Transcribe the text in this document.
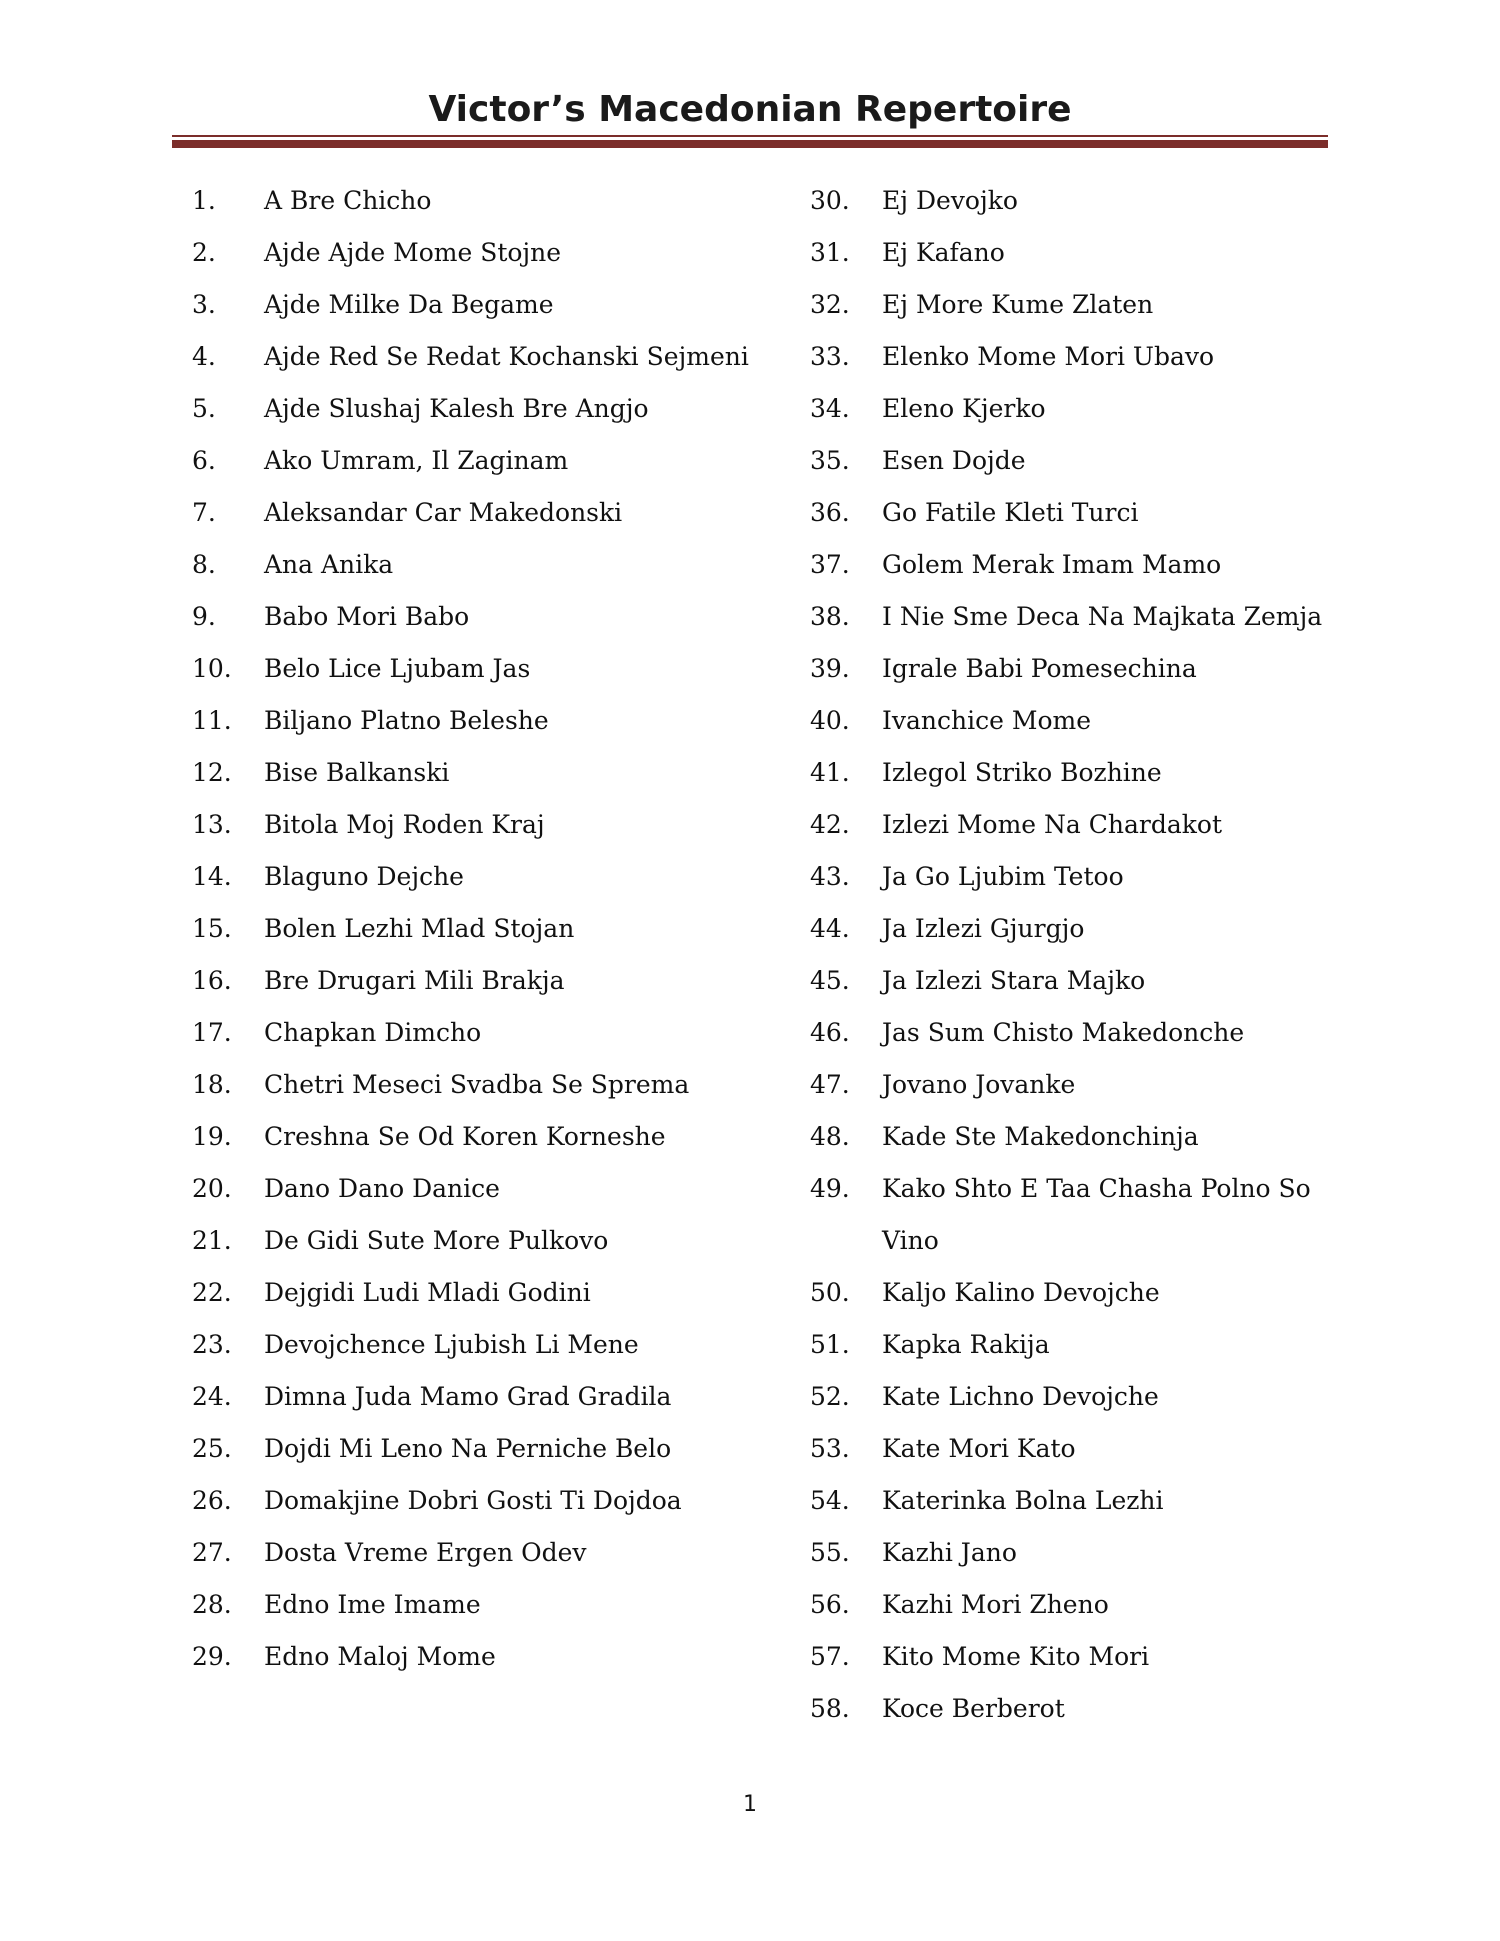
Victor’s Macedonian Repertoire
1.	A Bre Chicho
2.	Ajde Ajde Mome Stojne
3.	Ajde Milke Da Begame
4.	Ajde Red Se Redat Kochanski Sejmeni
5.	Ajde Slushaj Kalesh Bre Angjo
6.	Ako Umram, Il Zaginam
7.	Aleksandar Car Makedonski
8.	Ana Anika
9.	Babo Mori Babo
10.	Belo Lice Ljubam Jas
11.	Biljano Platno Beleshe
12.	Bise Balkanski
13.	Bitola Moj Roden Kraj
14.	Blaguno Dejche
15.	Bolen Lezhi Mlad Stojan
16.	Bre Drugari Mili Brakja
17.	Chapkan Dimcho
18.	Chetri Meseci Svadba Se Sprema
19.	Creshna Se Od Koren Korneshe
20.	Dano Dano Danice
21.	De Gidi Sute More Pulkovo
22.	Dejgidi Ludi Mladi Godini
23.	Devojchence Ljubish Li Mene
24.	Dimna Juda Mamo Grad Gradila
25.	Dojdi Mi Leno Na Perniche Belo
26.	Domakjine Dobri Gosti Ti Dojdoa
27.	Dosta Vreme Ergen Odev
28.	Edno Ime Imame
29.	Edno Maloj Mome
30.	Ej Devojko
31.	Ej Kafano
32.	Ej More Kume Zlaten
33.	Elenko Mome Mori Ubavo
34.	Eleno Kjerko
35.	Esen Dojde
36.	Go Fatile Kleti Turci
37.	Golem Merak Imam Mamo
38.	I Nie Sme Deca Na Majkata Zemja
39.	Igrale Babi Pomesechina
40.	Ivanchice Mome
41.	Izlegol Striko Bozhine
42.	Izlezi Mome Na Chardakot
43.	Ja Go Ljubim Tetoo
44.	Ja Izlezi Gjurgjo
45.	Ja Izlezi Stara Majko
46.	Jas Sum Chisto Makedonche
47.	Jovano Jovanke
48.	Kade Ste Makedonchinja
49.	Kako Shto E Taa Chasha Polno So Vino
50.	Kaljo Kalino Devojche
51.	Kapka Rakija
52.	Kate Lichno Devojche
53.	Kate Mori Kato
54.	Katerinka Bolna Lezhi
55.	Kazhi Jano
56.	Kazhi Mori Zheno
57.	Kito Mome Kito Mori
58.	Koce Berberot
1
